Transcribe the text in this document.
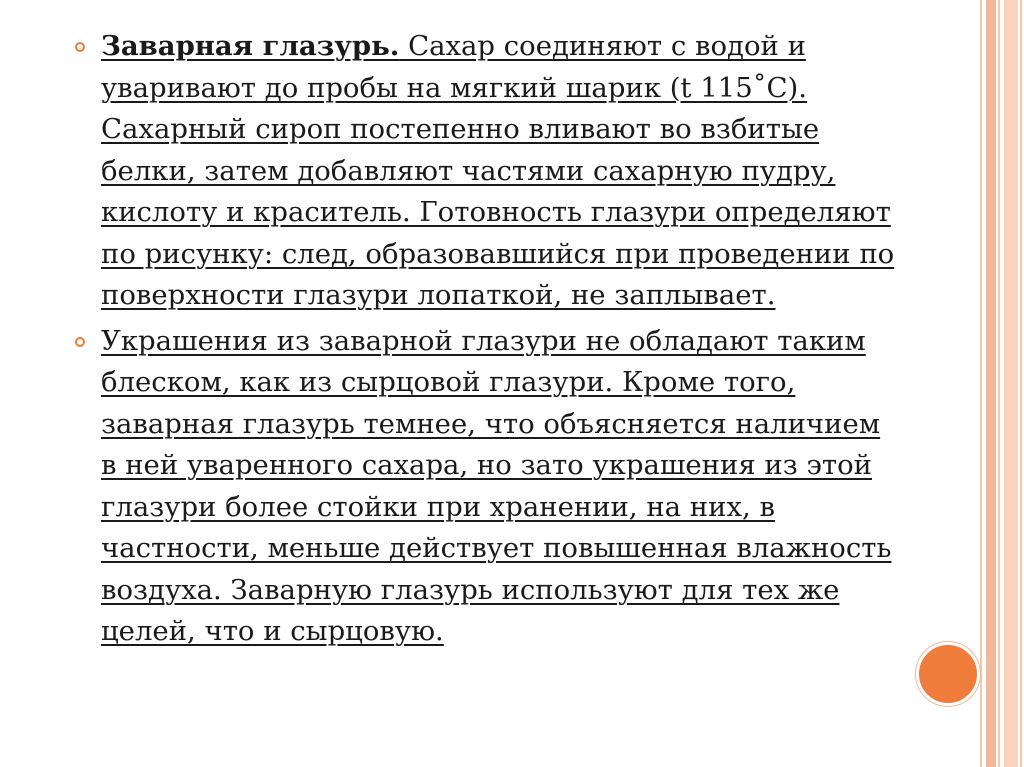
Заварная глазурь. Сахар соединяют с водой и уваривают до пробы на мягкий шарик (t 115˚С). Сахарный сироп постепенно вливают во взбитые белки, затем добавляют частями сахарную пудру, кислоту и краситель. Готовность глазури определяют по рисунку: след, образовавшийся при проведении по поверхности глазури лопаткой, не заплывает.
Украшения из заварной глазури не обладают таким блеском, как из сырцовой глазури. Кроме того, заварная глазурь темнее, что объясняется наличием в ней уваренного сахара, но зато украшения из этой глазури более стойки при хранении, на них, в частности, меньше действует повышенная влажность воздуха. Заварную глазурь используют для тех же целей, что и сырцовую.
